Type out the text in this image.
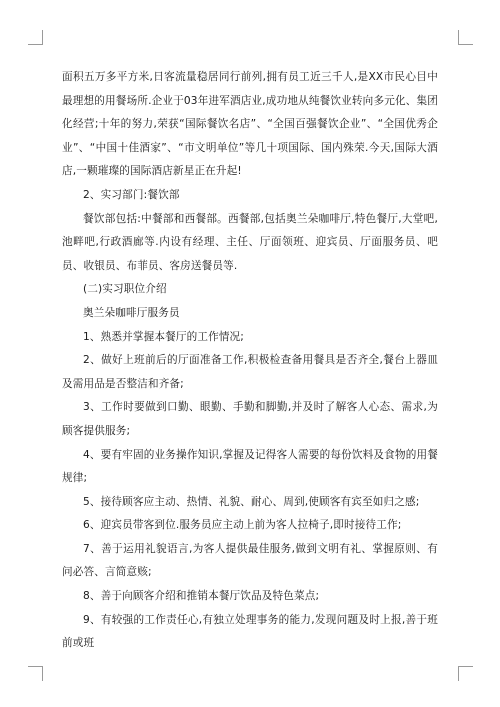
面积五万多平方米,日客流量稳居同行前列,拥有员工近三千人,是XX市民心目中最理想的用餐场所.企业于03年进军酒店业,成功地从纯餐饮业转向多元化、集团化经营;十年的努力,荣获“国际餐饮名店”、“全国百强餐饮企业”、“全国优秀企业”、“中国十佳酒家”、“市文明单位”等几十项国际、国内殊荣.今天,国际大酒店,一颗璀璨的国际酒店新星正在升起!

2、实习部门:餐饮部

餐饮部包括:中餐部和西餐部。西餐部,包括奥兰朵咖啡厅,特色餐厅,大堂吧,池畔吧,行政酒廊等.内设有经理、主任、厅面领班、迎宾员、厅面服务员、吧员、收银员、布菲员、客房送餐员等.

(二)实习职位介绍

奥兰朵咖啡厅服务员

1、熟悉并掌握本餐厅的工作情况;

2、做好上班前后的厅面准备工作,积极检查备用餐具是否齐全,餐台上器皿及需用品是否整洁和齐备;

3、工作时要做到口勤、眼勤、手勤和脚勤,并及时了解客人心态、需求,为顾客提供服务;

4、要有牢固的业务操作知识,掌握及记得客人需要的每份饮料及食物的用餐规律;

5、接待顾客应主动、热情、礼貌、耐心、周到,使顾客有宾至如归之感;

6、迎宾员带客到位.服务员应主动上前为客人拉椅子,即时接待工作;

7、善于运用礼貌语言,为客人提供最佳服务,做到文明有礼、掌握原则、有问必答、言简意赅;

8、善于向顾客介绍和推销本餐厅饮品及特色菜点;

9、有较强的工作责任心,有独立处理事务的能力,发现问题及时上报,善于班前或班
